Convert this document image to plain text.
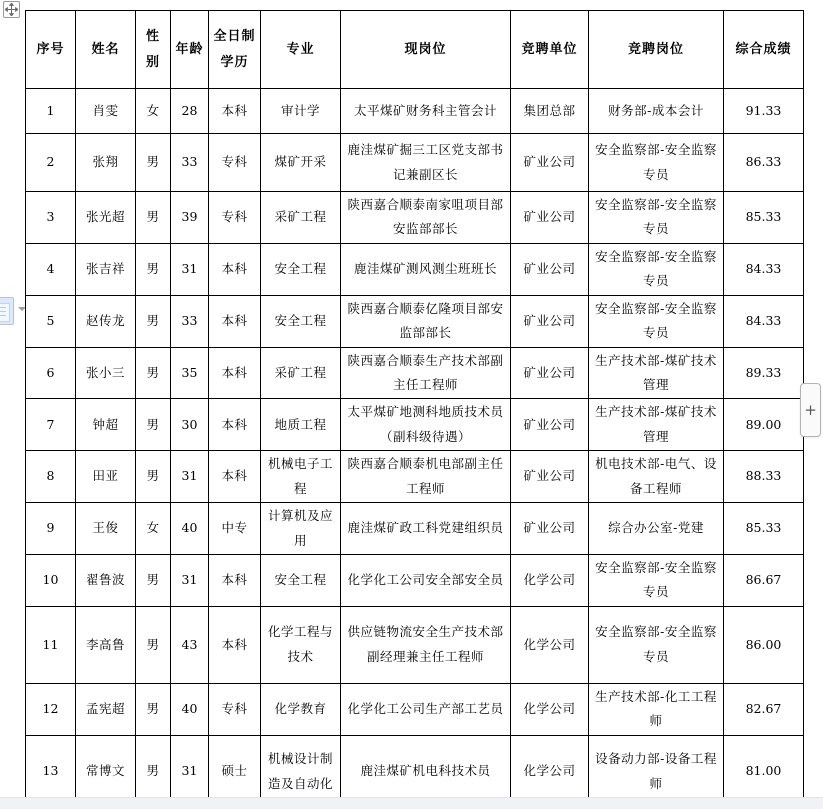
序号	姓名	性别	年龄	全日制学历	专业	现岗位	竞聘单位	竞聘岗位	综合成绩
1	肖雯	女	28	本科	审计学	太平煤矿财务科主管会计	集团总部	财务部-成本会计	91.33
2	张翔	男	33	专科	煤矿开采	鹿洼煤矿掘三工区党支部书记兼副区长	矿业公司	安全监察部-安全监察专员	86.33
3	张光超	男	39	专科	采矿工程	陕西嘉合顺泰南家咀项目部安监部部长	矿业公司	安全监察部-安全监察专员	85.33
4	张吉祥	男	31	本科	安全工程	鹿洼煤矿测风测尘班班长	矿业公司	安全监察部-安全监察专员	84.33
5	赵传龙	男	33	本科	安全工程	陕西嘉合顺泰亿隆项目部安监部部长	矿业公司	安全监察部-安全监察专员	84.33
6	张小三	男	35	本科	采矿工程	陕西嘉合顺泰生产技术部副主任工程师	矿业公司	生产技术部-煤矿技术管理	89.33
7	钟超	男	30	本科	地质工程	太平煤矿地测科地质技术员（副科级待遇）	矿业公司	生产技术部-煤矿技术管理	89.00
8	田亚	男	31	本科	机械电子工程	陕西嘉合顺泰机电部副主任工程师	矿业公司	机电技术部-电气、设备工程师	88.33
9	王俊	女	40	中专	计算机及应用	鹿洼煤矿政工科党建组织员	矿业公司	综合办公室-党建	85.33
10	翟鲁波	男	31	本科	安全工程	化学化工公司安全部安全员	化学公司	安全监察部-安全监察专员	86.67
11	李高鲁	男	43	本科	化学工程与技术	供应链物流安全生产技术部副经理兼主任工程师	化学公司	安全监察部-安全监察专员	86.00
12	孟宪超	男	40	专科	化学教育	化学化工公司生产部工艺员	化学公司	生产技术部-化工工程师	82.67
13	常博文	男	31	硕士	机械设计制造及自动化	鹿洼煤矿机电科技术员	化学公司	设备动力部-设备工程师	81.00
+
